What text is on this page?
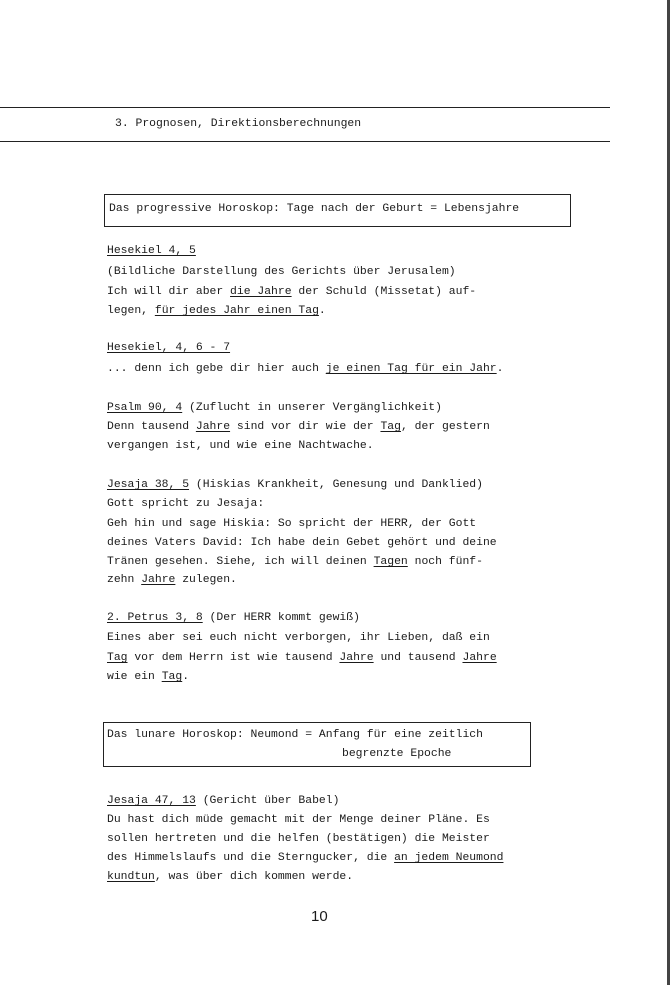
3. Prognosen, Direktionsberechnungen
Das progressive Horoskop: Tage nach der Geburt = Lebensjahre
Hesekiel 4, 5
(Bildliche Darstellung des Gerichts über Jerusalem)
Ich will dir aber die Jahre der Schuld (Missetat) auf-
legen, für jedes Jahr einen Tag.
Hesekiel, 4, 6 - 7
... denn ich gebe dir hier auch je einen Tag für ein Jahr.
Psalm 90, 4 (Zuflucht in unserer Vergänglichkeit)
Denn tausend Jahre sind vor dir wie der Tag, der gestern
vergangen ist, und wie eine Nachtwache.
Jesaja 38, 5 (Hiskias Krankheit, Genesung und Danklied)
Gott spricht zu Jesaja:
Geh hin und sage Hiskia: So spricht der HERR, der Gott
deines Vaters David: Ich habe dein Gebet gehört und deine
Tränen gesehen. Siehe, ich will deinen Tagen noch fünf-
zehn Jahre zulegen.
2. Petrus 3, 8 (Der HERR kommt gewiß)
Eines aber sei euch nicht verborgen, ihr Lieben, daß ein
Tag vor dem Herrn ist wie tausend Jahre und tausend Jahre
wie ein Tag.
Das lunare Horoskop: Neumond = Anfang für eine zeitlich
begrenzte Epoche
Jesaja 47, 13 (Gericht über Babel)
Du hast dich müde gemacht mit der Menge deiner Pläne. Es
sollen hertreten und die helfen (bestätigen) die Meister
des Himmelslaufs und die Sterngucker, die an jedem Neumond
kundtun, was über dich kommen werde.
10
